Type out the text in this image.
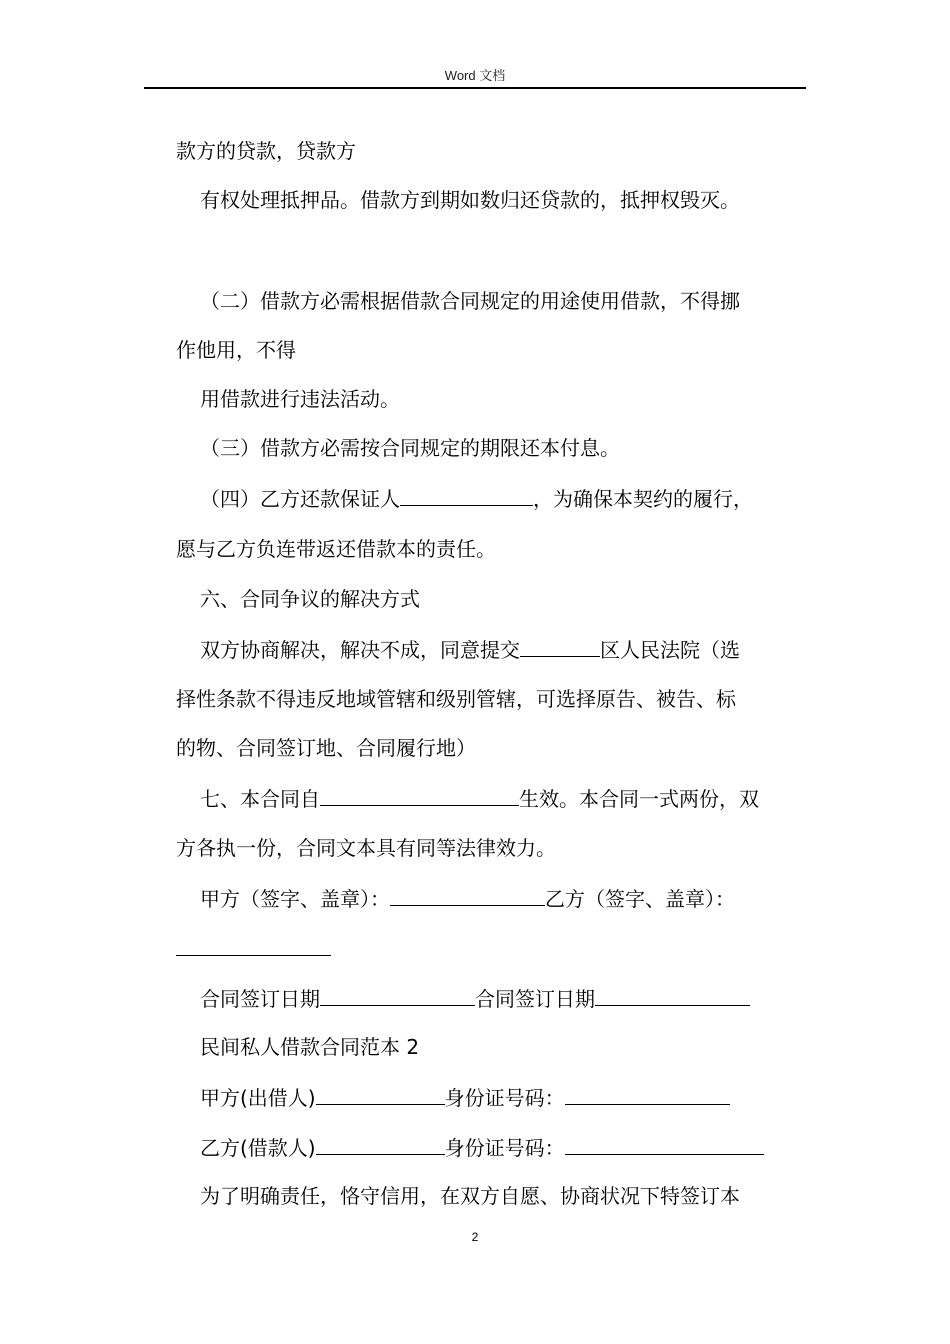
Word 文档
款方的贷款，贷款方
有权处理抵押品。借款方到期如数归还贷款的，抵押权毁灭。
（二）借款方必需根据借款合同规定的用途使用借款，不得挪
作他用，不得
用借款进行违法活动。
（三）借款方必需按合同规定的期限还本付息。
（四）乙方还款保证人	，为确保本契约的履行，
愿与乙方负连带返还借款本的责任。
六、合同争议的解决方式
双方协商解决，解决不成，同意提交	区人民法院（选
择性条款不得违反地域管辖和级别管辖，可选择原告、被告、标
的物、合同签订地、合同履行地）
七、本合同自	生效。本合同一式两份，双
方各执一份，合同文本具有同等法律效力。
甲方（签字、盖章）：	乙方（签字、盖章）：
合同签订日期	合同签订日期
民间私人借款合同范本 2
甲方(出借人)	身份证号码：
乙方(借款人)	身份证号码：
为了明确责任，恪守信用，在双方自愿、协商状况下特签订本
2
